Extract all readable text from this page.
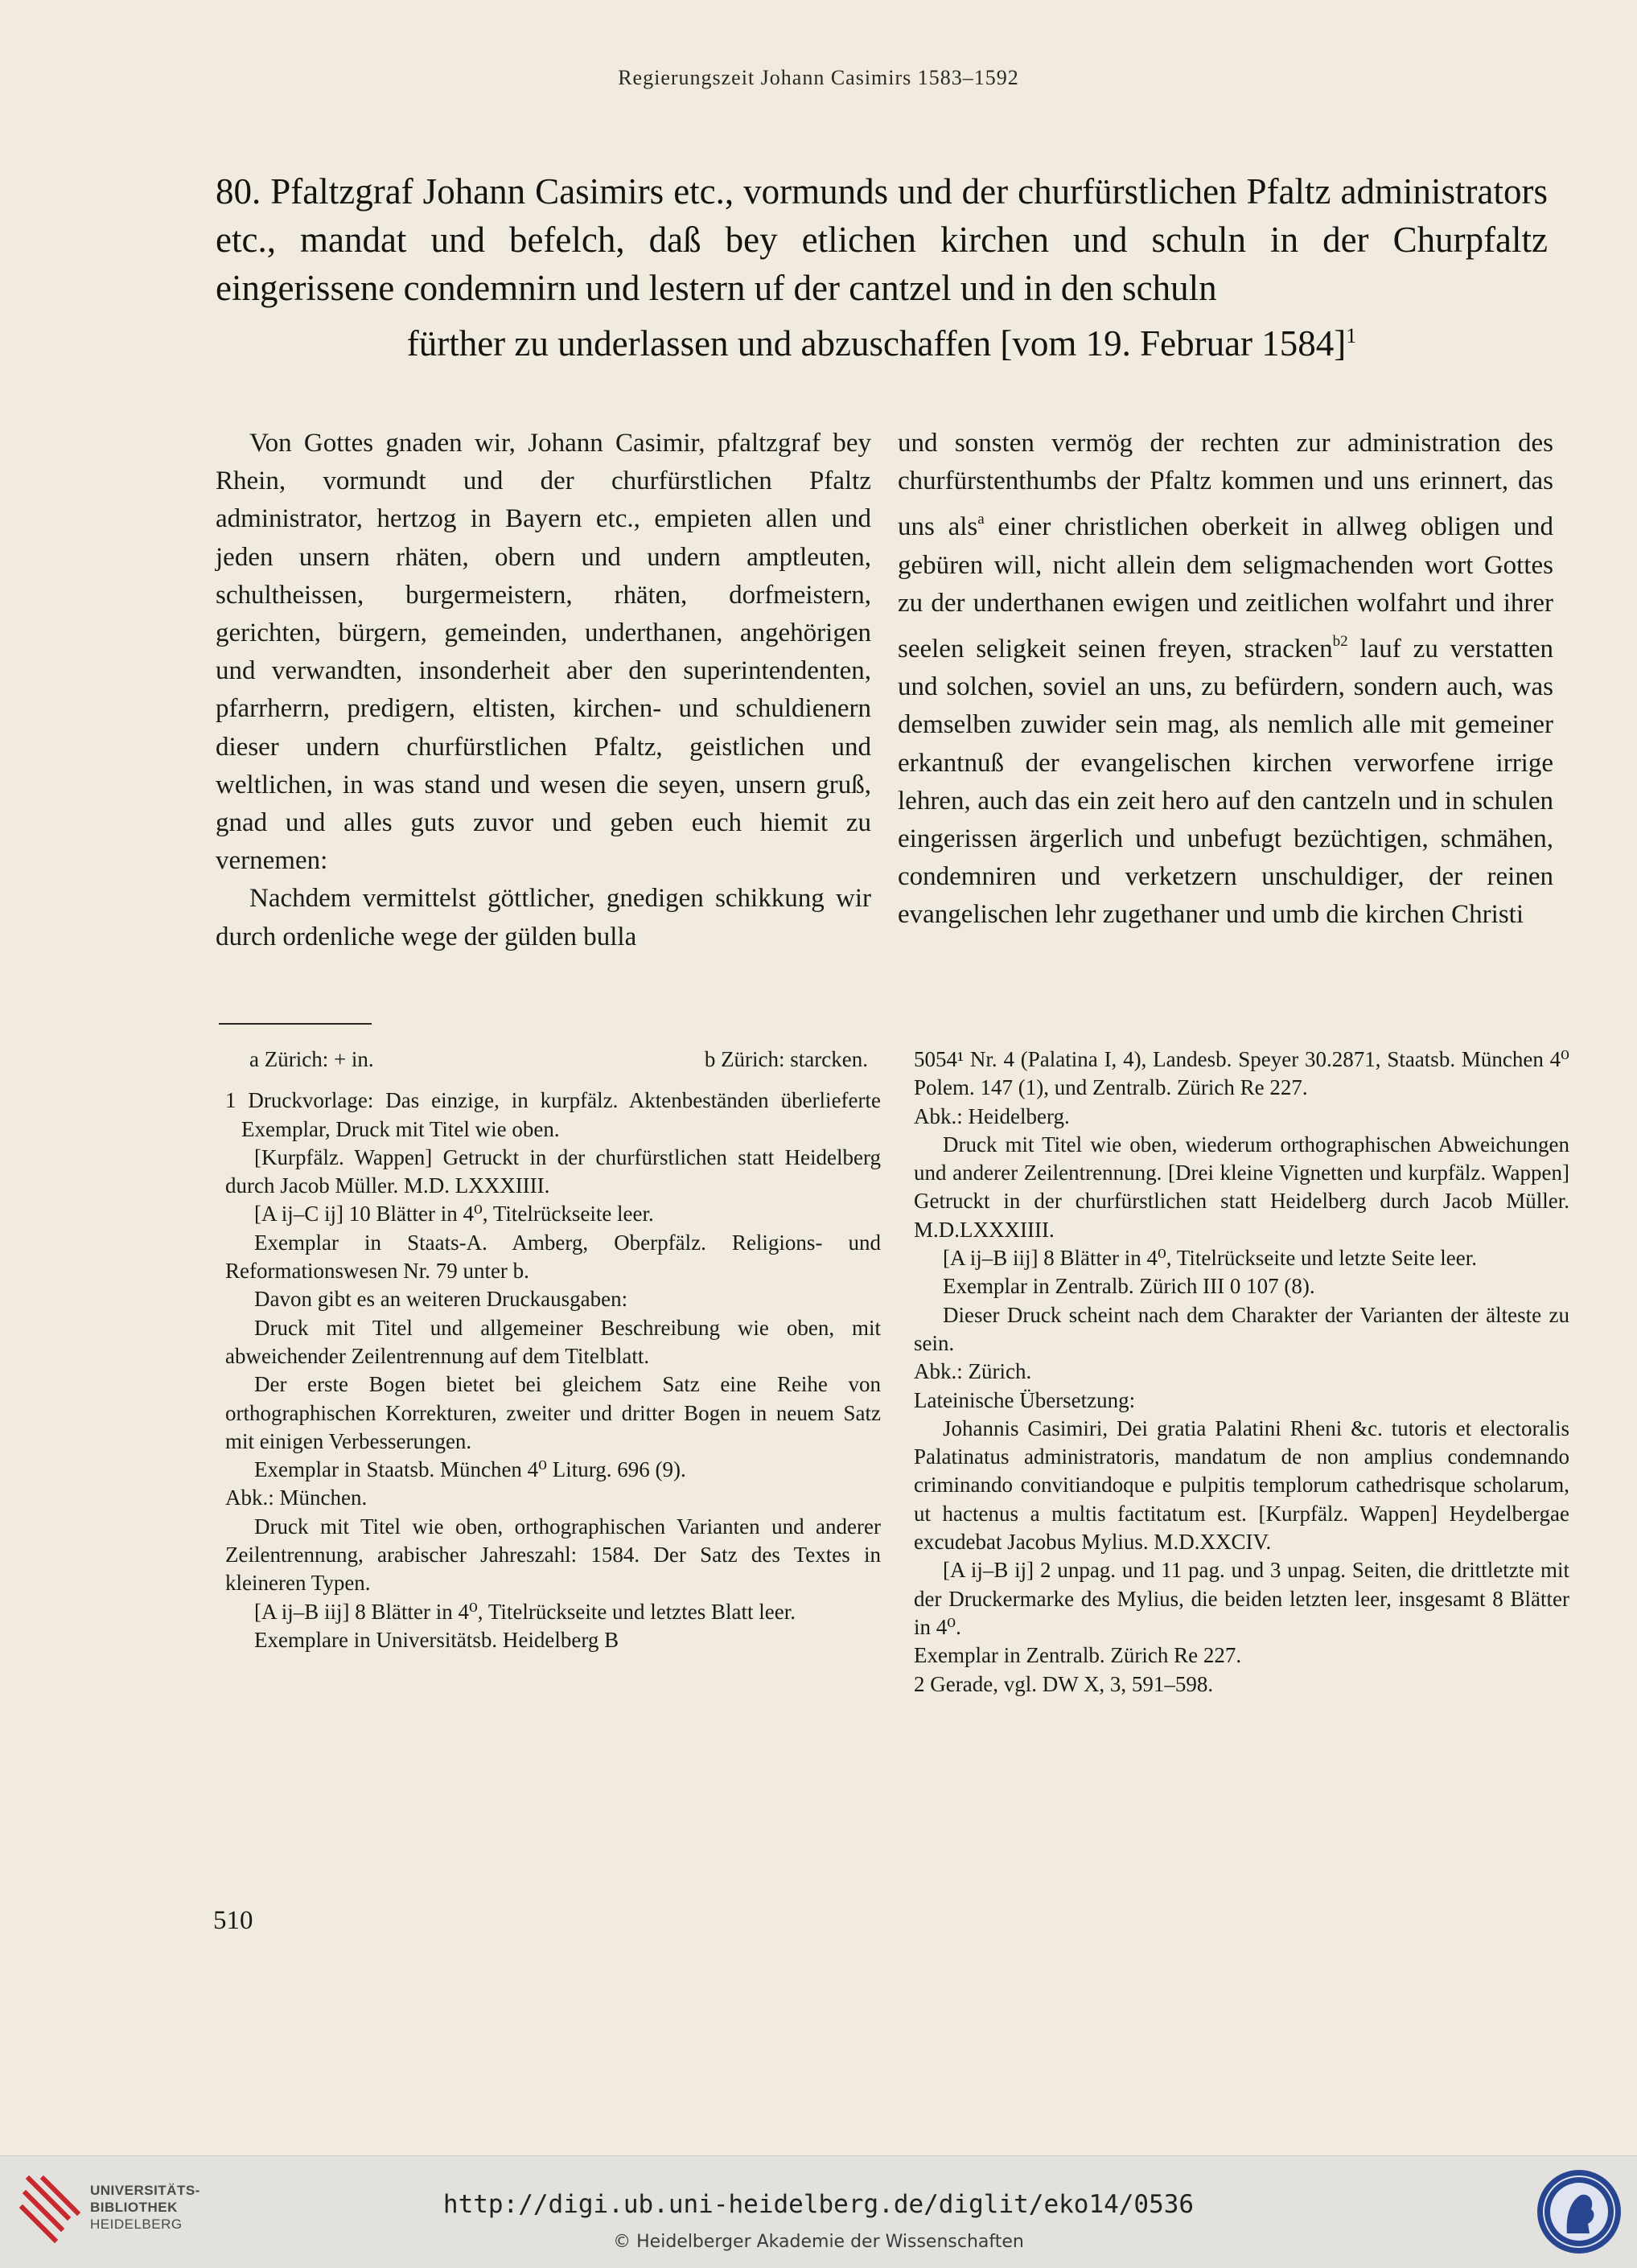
Regierungszeit Johann Casimirs 1583–1592
80. Pfaltzgraf Johann Casimirs etc., vormunds und der churfürstlichen Pfaltz administrators etc., mandat und befelch, daß bey etlichen kirchen und schuln in der Churpfaltz eingerissene condemnirn und lestern uf der cantzel und in den schuln
fürther zu underlassen und abzuschaffen [vom 19. Februar 1584]$^1$

Von Gottes gnaden wir, Johann Casimir, pfaltzgraf bey Rhein, vormundt und der churfürstlichen Pfaltz administrator, hertzog in Bayern etc., empieten allen und jeden unsern rhäten, obern und undern amptleuten, schultheissen, burgermeistern, rhäten, dorfmeistern, gerichten, bürgern, gemeinden, underthanen, angehörigen und verwandten, insonderheit aber den superintendenten, pfarrherrn, predigern, eltisten, kirchen- und schuldienern dieser undern churfürstlichen Pfaltz, geistlichen und weltlichen, in was stand und wesen die seyen, unsern gruß, gnad und alles guts zuvor und geben euch hiemit zu vernemen:

Nachdem vermittelst göttlicher, gnedigen schikkung wir durch ordenliche wege der gülden bulla

und sonsten vermög der rechten zur administration des churfürstenthumbs der Pfaltz kommen und uns erinnert, das uns als$^a$ einer christlichen oberkeit in allweg obligen und gebüren will, nicht allein dem seligmachenden wort Gottes zu der underthanen ewigen und zeitlichen wolfahrt und ihrer seelen seligkeit seinen freyen, stracken$^{b2}$ lauf zu verstatten und solchen, soviel an uns, zu befürdern, sondern auch, was demselben zuwider sein mag, als nemlich alle mit gemeiner erkantnuß der evangelischen kirchen verworfene irrige lehren, auch das ein zeit hero auf den cantzeln und in schulen eingerissen ärgerlich und unbefugt bezüchtigen, schmähen, condemniren und verketzern unschuldiger, der reinen evangelischen lehr zugethaner und umb die kirchen Christi

a Zürich: + in.	b Zürich: starcken.

1 Druckvorlage: Das einzige, in kurpfälz. Aktenbeständen überlieferte Exemplar, Druck mit Titel wie oben.

[Kurpfälz. Wappen] Getruckt in der churfürstlichen statt Heidelberg durch Jacob Müller. M.D. LXXXIIII.

[A ij–C ij] 10 Blätter in 4⁰, Titelrückseite leer.

Exemplar in Staats-A. Amberg, Oberpfälz. Religions- und Reformationswesen Nr. 79 unter b.

Davon gibt es an weiteren Druckausgaben:

Druck mit Titel und allgemeiner Beschreibung wie oben, mit abweichender Zeilentrennung auf dem Titelblatt.

Der erste Bogen bietet bei gleichem Satz eine Reihe von orthographischen Korrekturen, zweiter und dritter Bogen in neuem Satz mit einigen Verbesserungen.

Exemplar in Staatsb. München 4⁰ Liturg. 696 (9).

Abk.: München.

Druck mit Titel wie oben, orthographischen Varianten und anderer Zeilentrennung, arabischer Jahreszahl: 1584. Der Satz des Textes in kleineren Typen.

[A ij–B iij] 8 Blätter in 4⁰, Titelrückseite und letztes Blatt leer.

Exemplare in Universitätsb. Heidelberg B

5054¹ Nr. 4 (Palatina I, 4), Landesb. Speyer 30.2871, Staatsb. München 4⁰ Polem. 147 (1), und Zentralb. Zürich Re 227.

Abk.: Heidelberg.

Druck mit Titel wie oben, wiederum orthographischen Abweichungen und anderer Zeilentrennung. [Drei kleine Vignetten und kurpfälz. Wappen] Getruckt in der churfürstlichen statt Heidelberg durch Jacob Müller. M.D.LXXXIIII.

[A ij–B iij] 8 Blätter in 4⁰, Titelrückseite und letzte Seite leer.

Exemplar in Zentralb. Zürich III 0 107 (8).

Dieser Druck scheint nach dem Charakter der Varianten der älteste zu sein.

Abk.: Zürich.

Lateinische Übersetzung:

Johannis Casimiri, Dei gratia Palatini Rheni &c. tutoris et electoralis Palatinatus administratoris, mandatum de non amplius condemnando criminando convitiandoque e pulpitis templorum cathedrisque scholarum, ut hactenus a multis factitatum est. [Kurpfälz. Wappen] Heydelbergae excudebat Jacobus Mylius. M.D.XXCIV.

[A ij–B ij] 2 unpag. und 11 pag. und 3 unpag. Seiten, die drittletzte mit der Druckermarke des Mylius, die beiden letzten leer, insgesamt 8 Blätter in 4⁰.

Exemplar in Zentralb. Zürich Re 227.

2 Gerade, vgl. DW X, 3, 591–598.

510
UNIVERSITÄTS-
BIBLIOTHEK
HEIDELBERG
http://digi.ub.uni-heidelberg.de/diglit/eko14/0536
© Heidelberger Akademie der Wissenschaften
